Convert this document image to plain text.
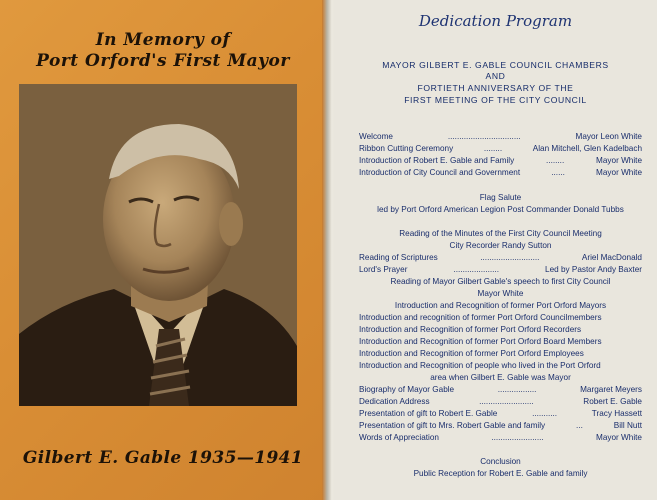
In Memory of
Port Orford's First Mayor
Gilbert E. Gable 1935—1941
Dedication Program
MAYOR GILBERT E. GABLE COUNCIL CHAMBERS
AND
FORTIETH ANNIVERSARY OF THE
FIRST MEETING OF THE CITY COUNCIL
Welcome	................................	Mayor Leon White
Ribbon Cutting Ceremony	........	Alan Mitchell, Glen Kadelbach
Introduction of Robert E. Gable and Family	........	Mayor White
Introduction of City Council and Government	......	Mayor White
Flag Salute
led by Port Orford American Legion Post Commander Donald Tubbs
Reading of the Minutes of the First City Council Meeting
City Recorder Randy Sutton
Reading of Scriptures	..........................	Ariel MacDonald
Lord's Prayer	....................	Led by Pastor Andy Baxter
Reading of Mayor Gilbert Gable's speech to first City Council
Mayor White
Introduction and Recognition of former Port Orford Mayors
Introduction and recognition of former Port Orford Councilmembers
Introduction and Recognition of former Port Orford Recorders
Introduction and Recognition of former Port Orford Board Members
Introduction and Recognition of former Port Orford Employees
Introduction and Recognition of people who lived in the Port Orford
area when Gilbert E. Gable was Mayor
Biography of Mayor Gable	.................	Margaret Meyers
Dedication Address	........................	Robert E. Gable
Presentation of gift to Robert E. Gable	...........	Tracy Hassett
Presentation of gift to Mrs. Robert Gable and family	...	Bill Nutt
Words of Appreciation	.......................	Mayor White
Conclusion
Public Reception for Robert E. Gable and family
